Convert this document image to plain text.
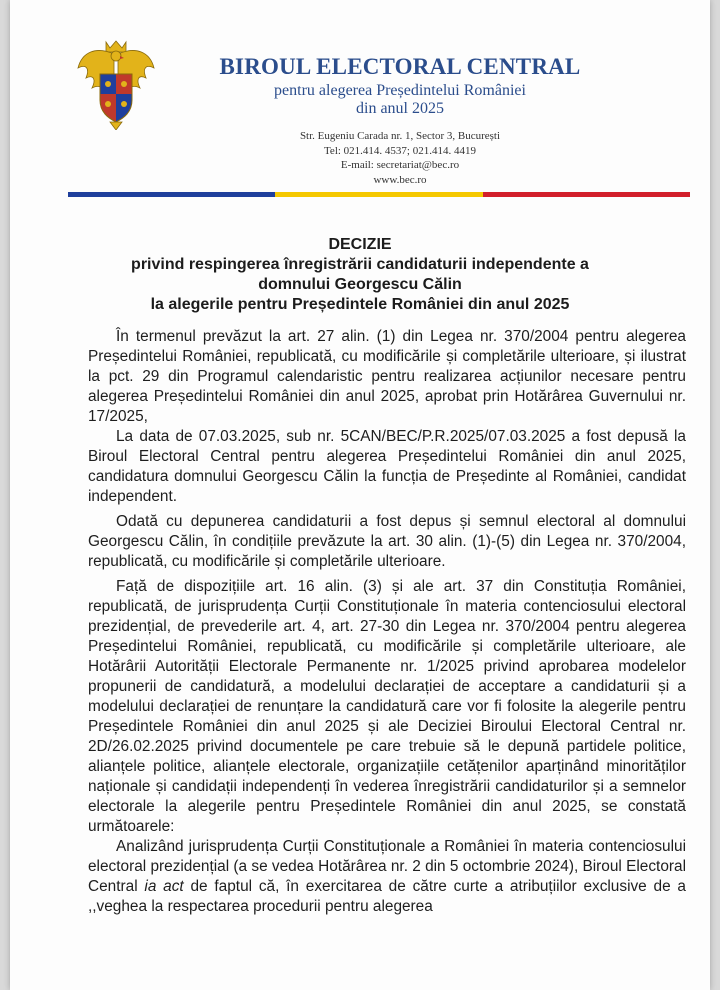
BIROUL ELECTORAL CENTRAL
pentru alegerea Președintelui României
din anul 2025
Str. Eugeniu Carada nr. 1, Sector 3, București
Tel: 021.414. 4537; 021.414. 4419
E-mail: secretariat@bec.ro
www.bec.ro
DECIZIE
privind respingerea înregistrării candidaturii independente a
domnului Georgescu Călin
la alegerile pentru Președintele României din anul 2025

În termenul prevăzut la art. 27 alin. (1) din Legea nr. 370/2004 pentru alegerea Președintelui României, republicată, cu modificările și completările ulterioare, și ilustrat la pct. 29 din Programul calendaristic pentru realizarea acțiunilor necesare pentru alegerea Președintelui României din anul 2025, aprobat prin Hotărârea Guvernului nr. 17/2025,

La data de 07.03.2025, sub nr. 5CAN/BEC/P.R.2025/07.03.2025 a fost depusă la Biroul Electoral Central pentru alegerea Președintelui României din anul 2025, candidatura domnului Georgescu Călin la funcția de Președinte al României, candidat independent.

Odată cu depunerea candidaturii a fost depus și semnul electoral al domnului Georgescu Călin, în condițiile prevăzute la art. 30 alin. (1)-(5) din Legea nr. 370/2004, republicată, cu modificările și completările ulterioare.

Față de dispozițiile art. 16 alin. (3) și ale art. 37 din Constituția României, republicată, de jurisprudența Curții Constituționale în materia contenciosului electoral prezidențial, de prevederile art. 4, art. 27-30 din Legea nr. 370/2004 pentru alegerea Președintelui României, republicată, cu modificările și completările ulterioare, ale Hotărârii Autorității Electorale Permanente nr. 1/2025 privind aprobarea modelelor propunerii de candidatură, a modelului declarației de acceptare a candidaturii și a modelului declarației de renunțare la candidatură care vor fi folosite la alegerile pentru Președintele României din anul 2025 și ale Deciziei Biroului Electoral Central nr. 2D/26.02.2025 privind documentele pe care trebuie să le depună partidele politice, alianțele politice, alianțele electorale, organizațiile cetățenilor aparținând minorităților naționale și candidații independenți în vederea înregistrării candidaturilor și a semnelor electorale la alegerile pentru Președintele României din anul 2025, se constată următoarele:

Analizând jurisprudența Curții Constituționale a României în materia contenciosului electoral prezidențial (a se vedea Hotărârea nr. 2 din 5 octombrie 2024), Biroul Electoral Central ia act de faptul că, în exercitarea de către curte a atribuțiilor exclusive de a ,,veghea la respectarea procedurii pentru alegerea
